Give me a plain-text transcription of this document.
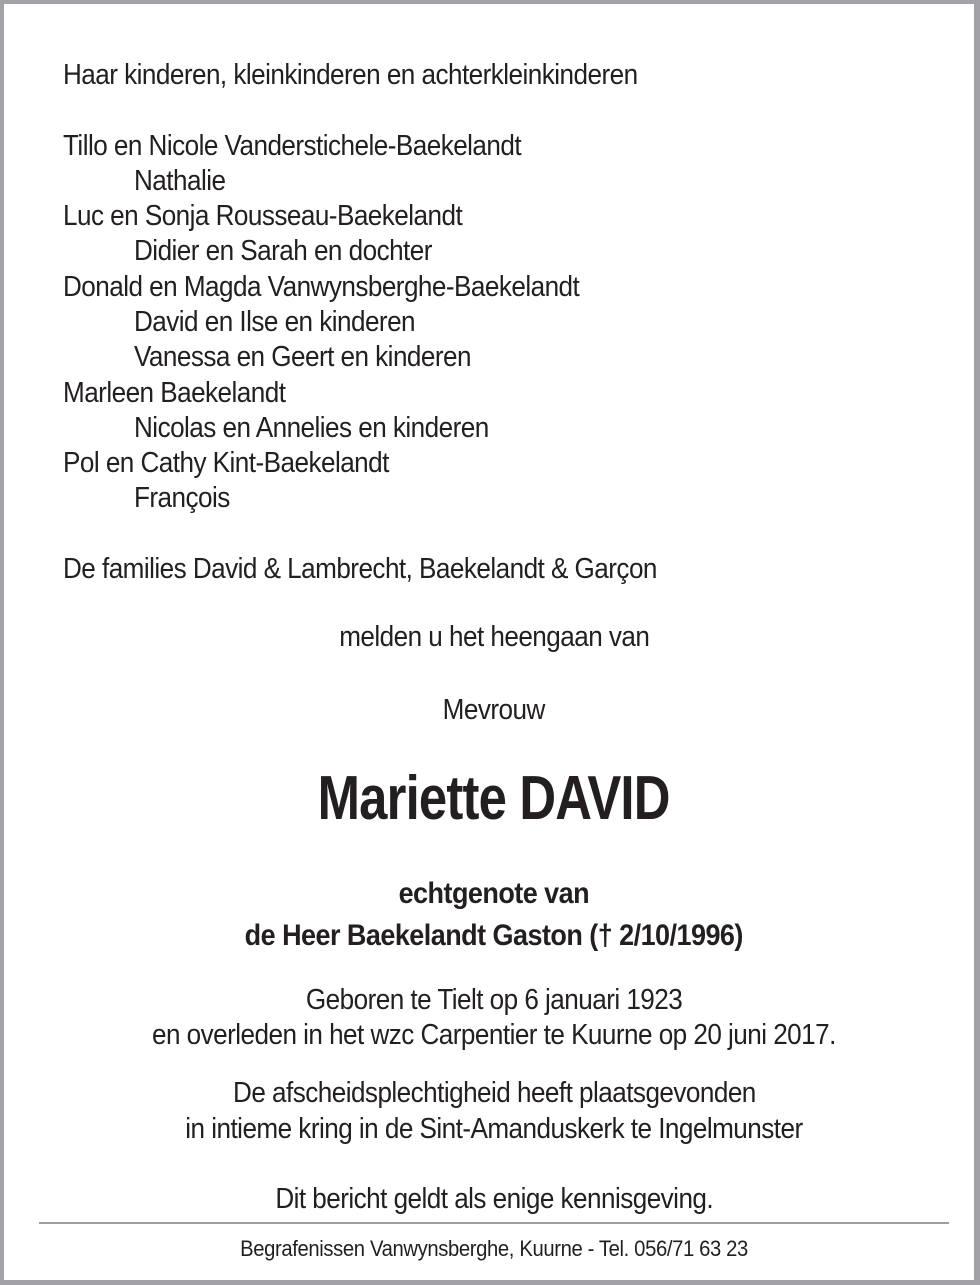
Haar kinderen, kleinkinderen en achterkleinkinderen
Tillo en Nicole Vanderstichele-Baekelandt
Nathalie
Luc en Sonja Rousseau-Baekelandt
Didier en Sarah en dochter
Donald en Magda Vanwynsberghe-Baekelandt
David en Ilse en kinderen
Vanessa en Geert en kinderen
Marleen Baekelandt
Nicolas en Annelies en kinderen
Pol en Cathy Kint-Baekelandt
François
De families David & Lambrecht, Baekelandt & Garçon
melden u het heengaan van
Mevrouw
Mariette DAVID
echtgenote van
de Heer Baekelandt Gaston († 2/10/1996)
Geboren te Tielt op 6 januari 1923
en overleden in het wzc Carpentier te Kuurne op 20 juni 2017.
De afscheidsplechtigheid heeft plaatsgevonden
in intieme kring in de Sint-Amanduskerk te Ingelmunster
Dit bericht geldt als enige kennisgeving.
Begrafenissen Vanwynsberghe, Kuurne - Tel. 056/71 63 23
